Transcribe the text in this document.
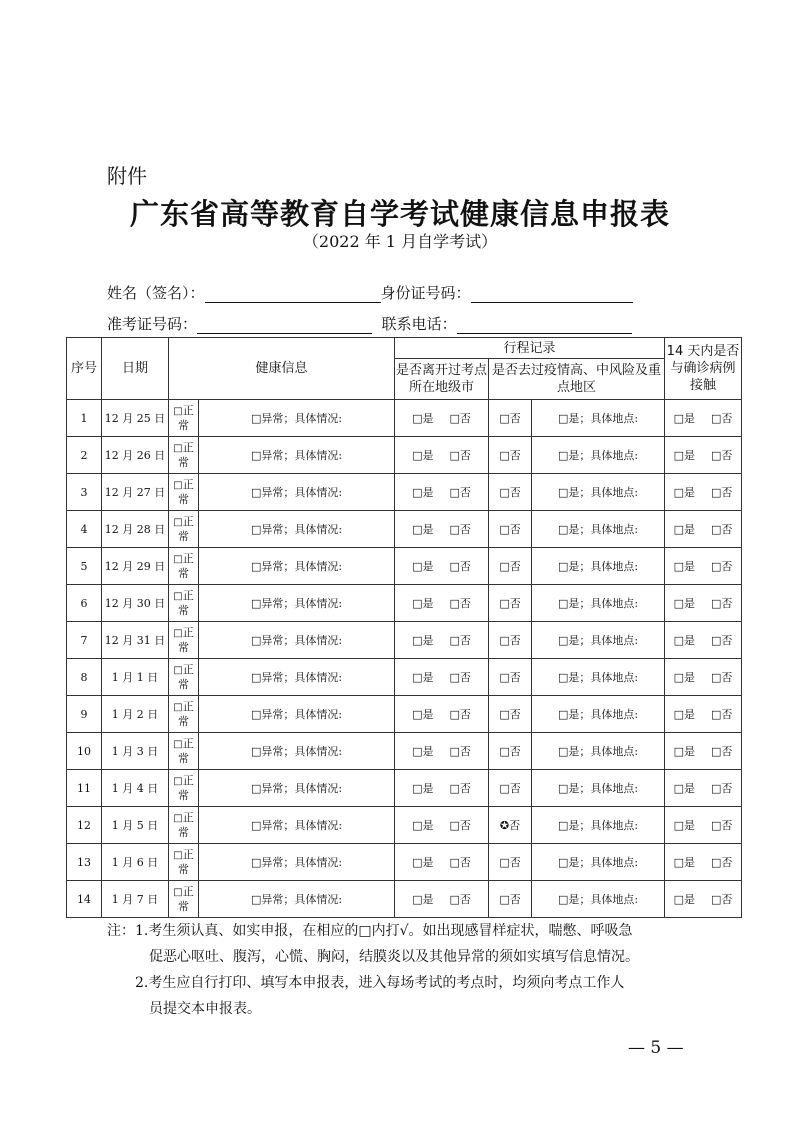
附件
广东省高等教育自学考试健康信息申报表
（2022 年 1 月自学考试）
姓名（签名）：	身份证号码：
准考证号码：	联系电话：
序号	日期	健康信息		行程记录			14 天内是否与确诊病例接触
				是否离开过考点所在地级市	是否去过疫情高、中风险及重点地区		
1	12 月 25 日	□正常	□异常；具体情况:	□是 □否	□否	□是；具体地点:	□是 □否
2	12 月 26 日	□正常	□异常；具体情况:	□是 □否	□否	□是；具体地点:	□是 □否
3	12 月 27 日	□正常	□异常；具体情况:	□是 □否	□否	□是；具体地点:	□是 □否
4	12 月 28 日	□正常	□异常；具体情况:	□是 □否	□否	□是；具体地点:	□是 □否
5	12 月 29 日	□正常	□异常；具体情况:	□是 □否	□否	□是；具体地点:	□是 □否
6	12 月 30 日	□正常	□异常；具体情况:	□是 □否	□否	□是；具体地点:	□是 □否
7	12 月 31 日	□正常	□异常；具体情况:	□是 □否	□否	□是；具体地点:	□是 □否
8	1 月 1 日	□正常	□异常；具体情况:	□是 □否	□否	□是；具体地点:	□是 □否
9	1 月 2 日	□正常	□异常；具体情况:	□是 □否	□否	□是；具体地点:	□是 □否
10	1 月 3 日	□正常	□异常；具体情况:	□是 □否	□否	□是；具体地点:	□是 □否
11	1 月 4 日	□正常	□异常；具体情况:	□是 □否	□否	□是；具体地点:	□是 □否
12	1 月 5 日	□正常	□异常；具体情况:	□是 □否	✪否	□是；具体地点:	□是 □否
13	1 月 6 日	□正常	□异常；具体情况:	□是 □否	□否	□是；具体地点:	□是 □否
14	1 月 7 日	□正常	□异常；具体情况:	□是 □否	□否	□是；具体地点:	□是 □否
注：1.考生须认真、如实申报，在相应的□内打√。如出现感冒样症状，喘憋、呼吸急
促恶心呕吐、腹泻，心慌、胸闷，结膜炎以及其他异常的须如实填写信息情况。
2.考生应自行打印、填写本申报表，进入每场考试的考点时，均须向考点工作人
员提交本申报表。
— 5 —
